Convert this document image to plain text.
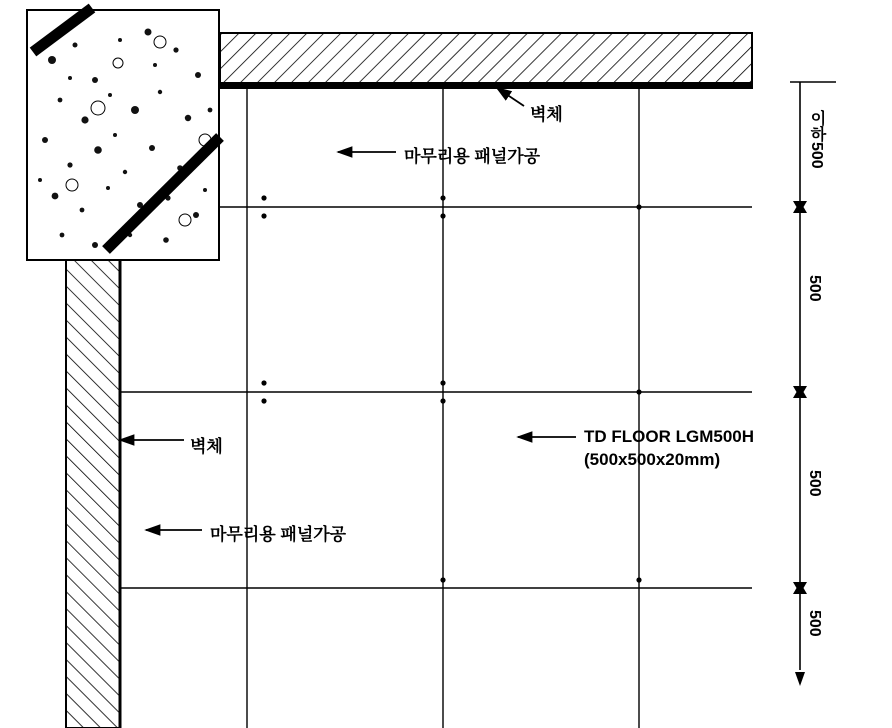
벽체
마무리용 패널가공
벽체
마무리용 패널가공
TD FLOOR LGM500H
(500x500x20mm)
이하500
500
500
500
